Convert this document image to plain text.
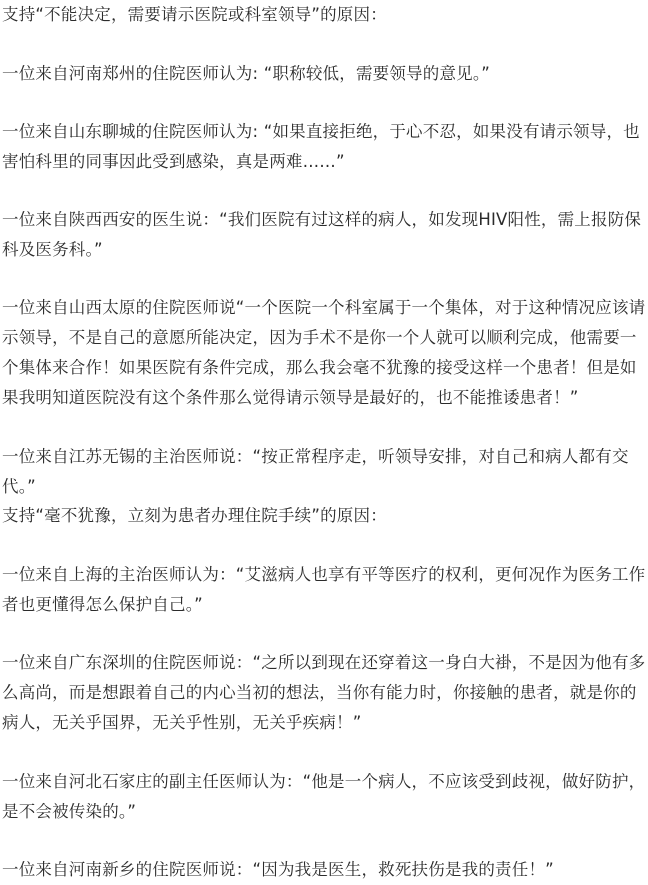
支持“不能决定，需要请示医院或科室领导”的原因：

一位来自河南郑州的住院医师认为: “职称较低，需要领导的意见。”

一位来自山东聊城的住院医师认为: “如果直接拒绝，于心不忍，如果没有请示领导，也害怕科里的同事因此受到感染，真是两难……”

一位来自陕西西安的医生说：“我们医院有过这样的病人，如发现HIV阳性，需上报防保科及医务科。”

一位来自山西太原的住院医师说“一个医院一个科室属于一个集体，对于这种情况应该请示领导，不是自己的意愿所能决定，因为手术不是你一个人就可以顺利完成，他需要一个集体来合作！如果医院有条件完成，那么我会毫不犹豫的接受这样一个患者！但是如果我明知道医院没有这个条件那么觉得请示领导是最好的，也不能推诿患者！”

一位来自江苏无锡的主治医师说：“按正常程序走，听领导安排，对自己和病人都有交代。”

支持“毫不犹豫，立刻为患者办理住院手续”的原因：

一位来自上海的主治医师认为：“艾滋病人也享有平等医疗的权利，更何况作为医务工作者也更懂得怎么保护自己。”

一位来自广东深圳的住院医师说：“之所以到现在还穿着这一身白大褂，不是因为他有多么高尚，而是想跟着自己的内心当初的想法，当你有能力时，你接触的患者，就是你的病人，无关乎国界，无关乎性别，无关乎疾病！”

一位来自河北石家庄的副主任医师认为：“他是一个病人，不应该受到歧视，做好防护，是不会被传染的。”

一位来自河南新乡的住院医师说：“因为我是医生，救死扶伤是我的责任！”
